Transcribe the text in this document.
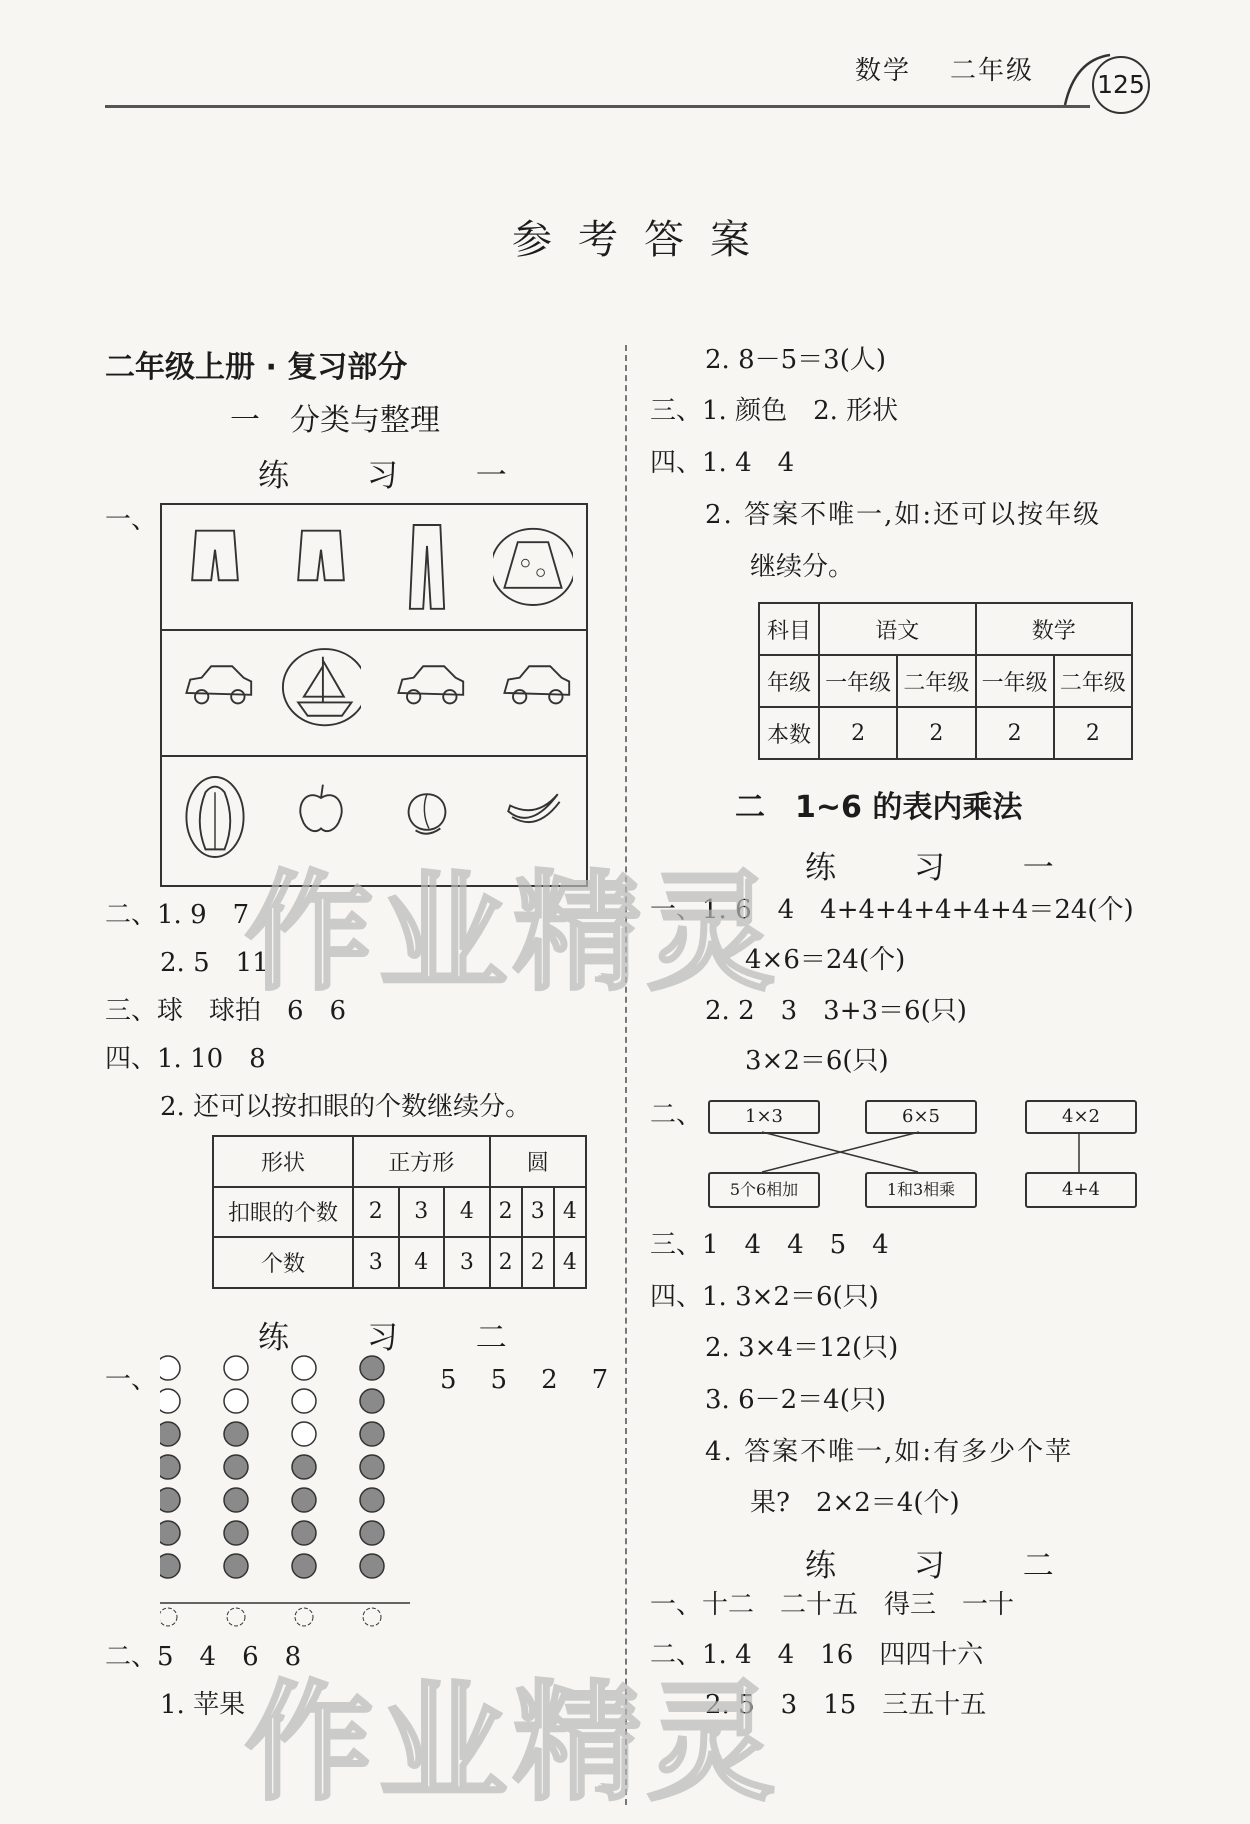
数学 二年级	125
参考答案
二年级上册 · 复习部分
一　分类与整理
练 习 一
一、
二、1. 9　7
2. 5　11
三、球　球拍　6　6
四、1. 10　8
2. 还可以按扣眼的个数继续分。
形状	正方形			圆		
扣眼的个数	2	3	4	2	3	4
个数	3	4	3	2	2	4
练 习 二
一、	5　5　2　7
二、5　4　6　8
1. 苹果
2. 8－5＝3(人)
三、1. 颜色　2. 形状
四、1. 4　4
2. 答案不唯一,如:还可以按年级
继续分。
科目	语文		数学	
年级	一年级	二年级	一年级	二年级
本数	2	2	2	2
二　1~6 的表内乘法
练 习 一
一、1. 6　4　4+4+4+4+4+4＝24(个)
4×6＝24(个)
2. 2　3　3+3＝6(只)
3×2＝6(只)
二、	1×3	6×5	4×2
5个6相加	1和3相乘	4+4
三、1　4　4　5　4
四、1. 3×2＝6(只)
2. 3×4＝12(只)
3. 6－2＝4(只)
4. 答案不唯一,如:有多少个苹
果?　2×2＝4(个)
练 习 二
一、十二　二十五　得三　一十
二、1. 4　4　16　四四十六
2. 5　3　15　三五十五
作业精灵
作业精灵
